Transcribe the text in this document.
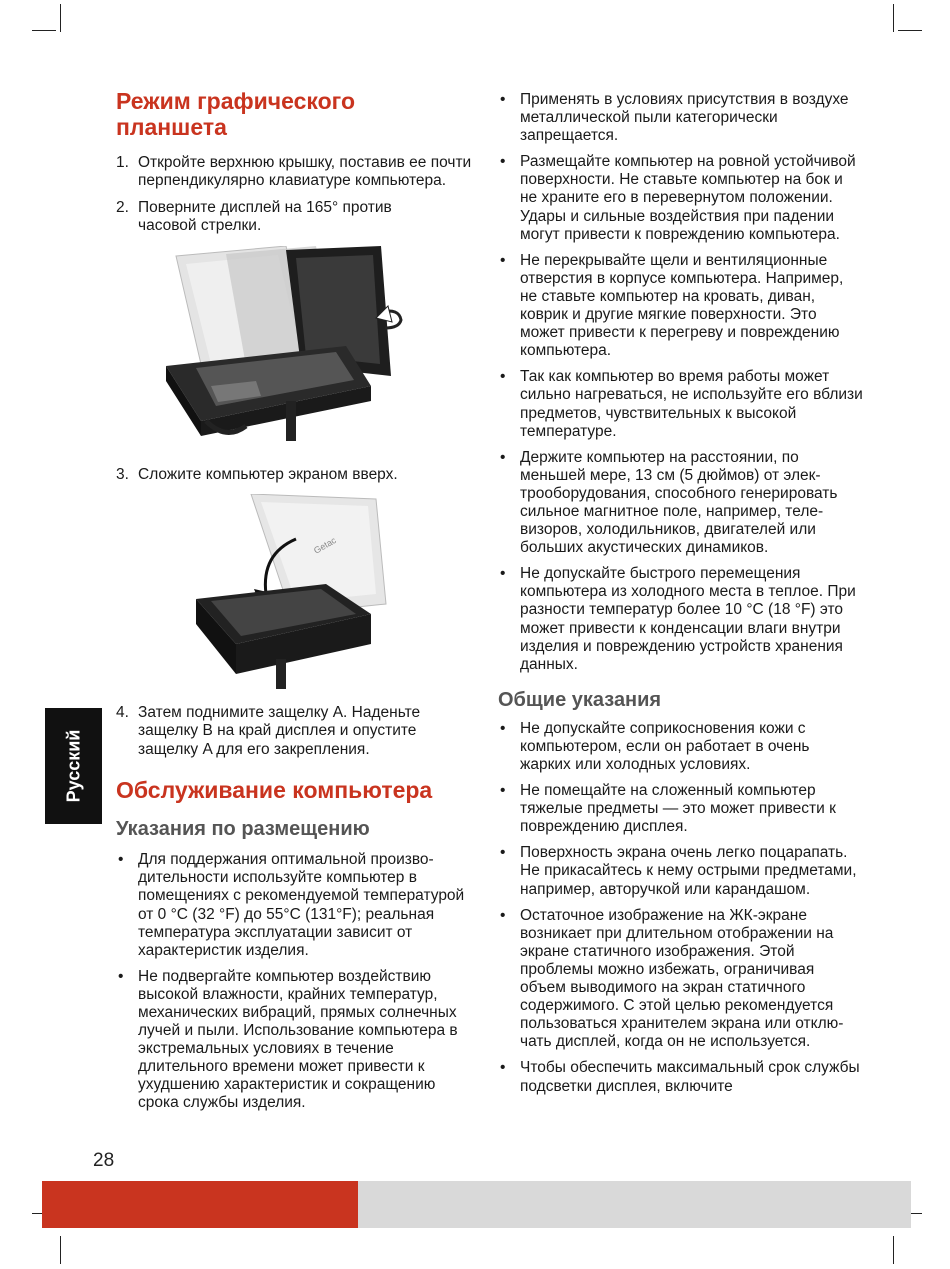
Режим графического планшета
1. Откройте верхнюю крышку, поставив ее почти перпендикулярно клавиатуре компьютера.
2. Поверните дисплей на 165° против часовой стрелки.
3. Сложите компьютер экраном вверх.
Getac
4. Затем поднимите защелку A. Наденьте защелку B на край дисплея и опустите защелку A для его закрепления.
Обслуживание компьютера
Указания по размещению
• Для поддержания оптимальной производительности используйте компьютер в помещениях с рекомендуемой температурой от 0 °C (32 °F) до 55°C (131°F); реальная температура эксплуатации зависит от характеристик изделия.
• Не подвергайте компьютер воздействию высокой влажности, крайних температур, механических вибраций, прямых солнечных лучей и пыли. Использование компьютера в экстремальных условиях в течение длительного времени может привести к ухудшению характеристик и сокращению срока службы изделия.
• Применять в условиях присутствия в воздухе металлической пыли категорически запрещается.
• Размещайте компьютер на ровной устойчивой поверхности. Не ставьте компьютер на бок и не храните его в перевернутом положении. Удары и сильные воздействия при падении могут привести к повреждению компьютера.
• Не перекрывайте щели и вентиляционные отверстия в корпусе компьютера. Например, не ставьте компьютер на кровать, диван, коврик и другие мягкие поверхности. Это может привести к перегреву и повреждению компьютера.
• Так как компьютер во время работы может сильно нагреваться, не используйте его вблизи предметов, чувствительных к высокой температуре.
• Держите компьютер на расстоянии, по меньшей мере, 13 см (5 дюймов) от электрооборудования, способного генерировать сильное магнитное поле, например, телевизоров, холодильников, двигателей или больших акустических динамиков.
• Не допускайте быстрого перемещения компьютера из холодного места в теплое. При разности температур более 10 °C (18 °F) это может привести к конденсации влаги внутри изделия и повреждению устройств хранения данных.
Общие указания
• Не допускайте соприкосновения кожи с компьютером, если он работает в очень жарких или холодных условиях.
• Не помещайте на сложенный компьютер тяжелые предметы — это может привести к повреждению дисплея.
• Поверхность экрана очень легко поцарапать. Не прикасайтесь к нему острыми предметами, например, авторучкой или карандашом.
• Остаточное изображение на ЖК-экране возникает при длительном отображении на экране статичного изображения. Этой проблемы можно избежать, ограничивая объем выводимого на экран статичного содержимого. С этой целью рекомендуется пользоваться хранителем экрана или отключать дисплей, когда он не используется.
• Чтобы обеспечить максимальный срок службы подсветки дисплея, включите
Русский
28
